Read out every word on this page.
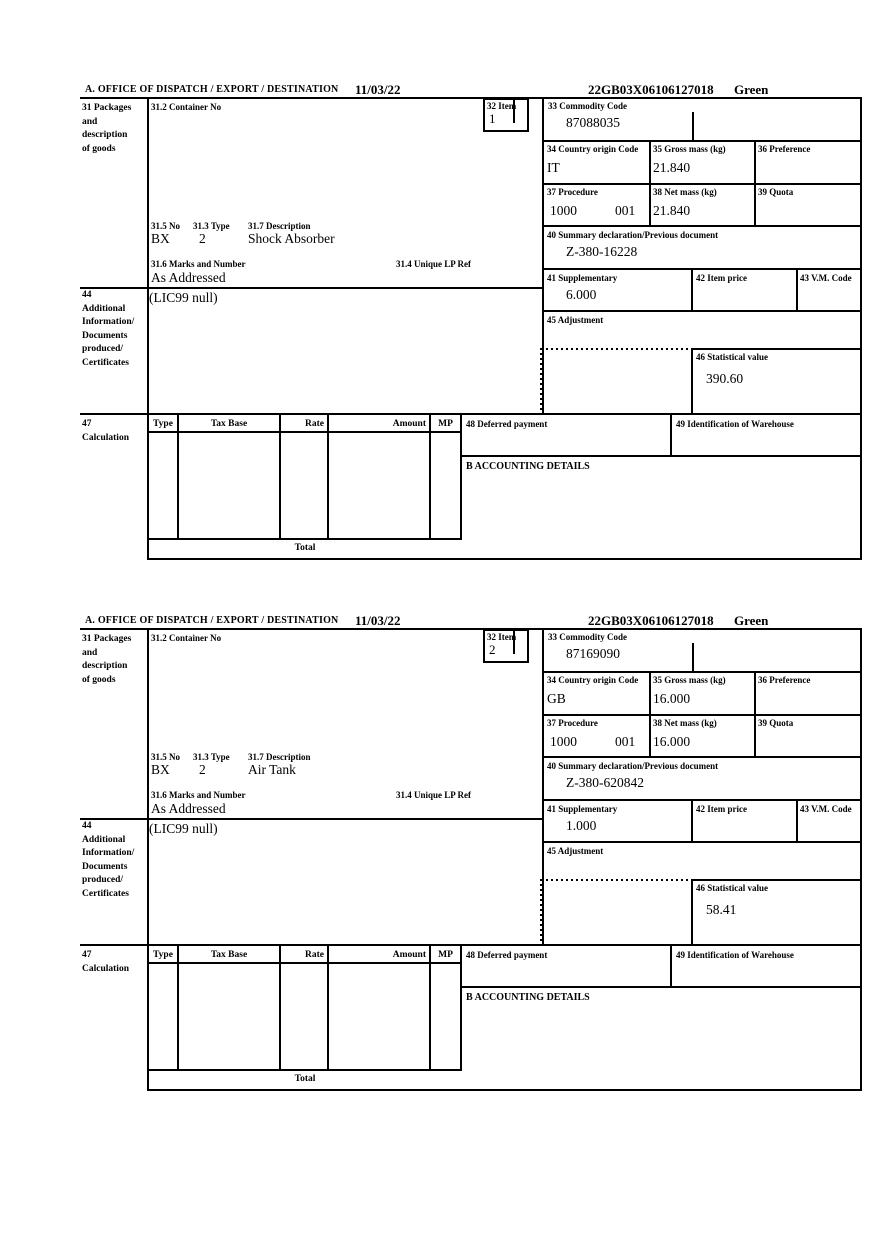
A. OFFICE OF DISPATCH / EXPORT / DESTINATION 11/03/22	22GB03X06106127018 Green
31 Packages
and
description
of goods
31.2 Container No	32 Item
1
33 Commodity Code
87088035
34 Country origin Code
IT
35 Gross mass (kg)
21.840
36 Preference
37 Procedure
1000	001
38 Net mass (kg)
21.840
39 Quota
40 Summary declaration/Previous document
Z-380-16228
41 Supplementary
6.000
42 Item price	43 V.M. Code
45 Adjustment
46 Statistical value
390.60
31.5 No 31.3 Type 31.7 Description
BX 2	Shock Absorber
31.6 Marks and Number	31.4 Unique LP Ref
As Addressed
44
Additional
Information/
Documents
produced/
Certificates
(LIC99 null)
47
Calculation
Type	Tax Base	Rate	Amount	MP	48 Deferred payment	49 Identification of Warehouse
B ACCOUNTING DETAILS
Total
A. OFFICE OF DISPATCH / EXPORT / DESTINATION 11/03/22	22GB03X06106127018 Green
31 Packages
and
description
of goods
31.2 Container No	32 Item
2
33 Commodity Code
87169090
34 Country origin Code
GB
35 Gross mass (kg)
16.000
36 Preference
37 Procedure
1000	001
38 Net mass (kg)
16.000
39 Quota
40 Summary declaration/Previous document
Z-380-620842
41 Supplementary
1.000
42 Item price	43 V.M. Code
45 Adjustment
46 Statistical value
58.41
31.5 No 31.3 Type 31.7 Description
BX 2	Air Tank
31.6 Marks and Number	31.4 Unique LP Ref
As Addressed
44
Additional
Information/
Documents
produced/
Certificates
(LIC99 null)
47
Calculation
Type	Tax Base	Rate	Amount	MP	48 Deferred payment	49 Identification of Warehouse
B ACCOUNTING DETAILS
Total
